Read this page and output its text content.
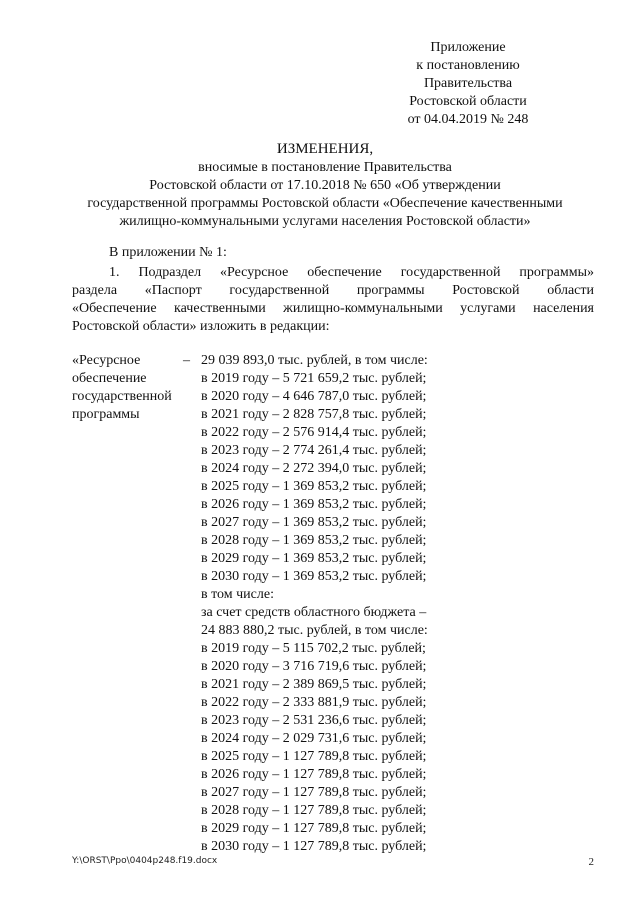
Приложение
к постановлению
Правительства
Ростовской области
от 04.04.2019 № 248
ИЗМЕНЕНИЯ,
вносимые в постановление Правительства
Ростовской области от 17.10.2018 № 650 «Об утверждении
государственной программы Ростовской области «Обеспечение качественными
жилищно-коммунальными услугами населения Ростовской области»
В приложении № 1:
1. Подраздел «Ресурсное обеспечение государственной программы»
раздела «Паспорт государственной программы Ростовской области
«Обеспечение качественными жилищно-коммунальными услугами населения
Ростовской области» изложить в редакции:
«Ресурсное
обеспечение
государственной
программы
– 29 039 893,0 тыс. рублей, в том числе:
в 2019 году – 5 721 659,2 тыс. рублей;
в 2020 году – 4 646 787,0 тыс. рублей;
в 2021 году – 2 828 757,8 тыс. рублей;
в 2022 году – 2 576 914,4 тыс. рублей;
в 2023 году – 2 774 261,4 тыс. рублей;
в 2024 году – 2 272 394,0 тыс. рублей;
в 2025 году – 1 369 853,2 тыс. рублей;
в 2026 году – 1 369 853,2 тыс. рублей;
в 2027 году – 1 369 853,2 тыс. рублей;
в 2028 году – 1 369 853,2 тыс. рублей;
в 2029 году – 1 369 853,2 тыс. рублей;
в 2030 году – 1 369 853,2 тыс. рублей;
в том числе:
за счет средств областного бюджета –
24 883 880,2 тыс. рублей, в том числе:
в 2019 году – 5 115 702,2 тыс. рублей;
в 2020 году – 3 716 719,6 тыс. рублей;
в 2021 году – 2 389 869,5 тыс. рублей;
в 2022 году – 2 333 881,9 тыс. рублей;
в 2023 году – 2 531 236,6 тыс. рублей;
в 2024 году – 2 029 731,6 тыс. рублей;
в 2025 году – 1 127 789,8 тыс. рублей;
в 2026 году – 1 127 789,8 тыс. рублей;
в 2027 году – 1 127 789,8 тыс. рублей;
в 2028 году – 1 127 789,8 тыс. рублей;
в 2029 году – 1 127 789,8 тыс. рублей;
в 2030 году – 1 127 789,8 тыс. рублей;
Y:\ORST\Ppo\0404p248.f19.docx	2
